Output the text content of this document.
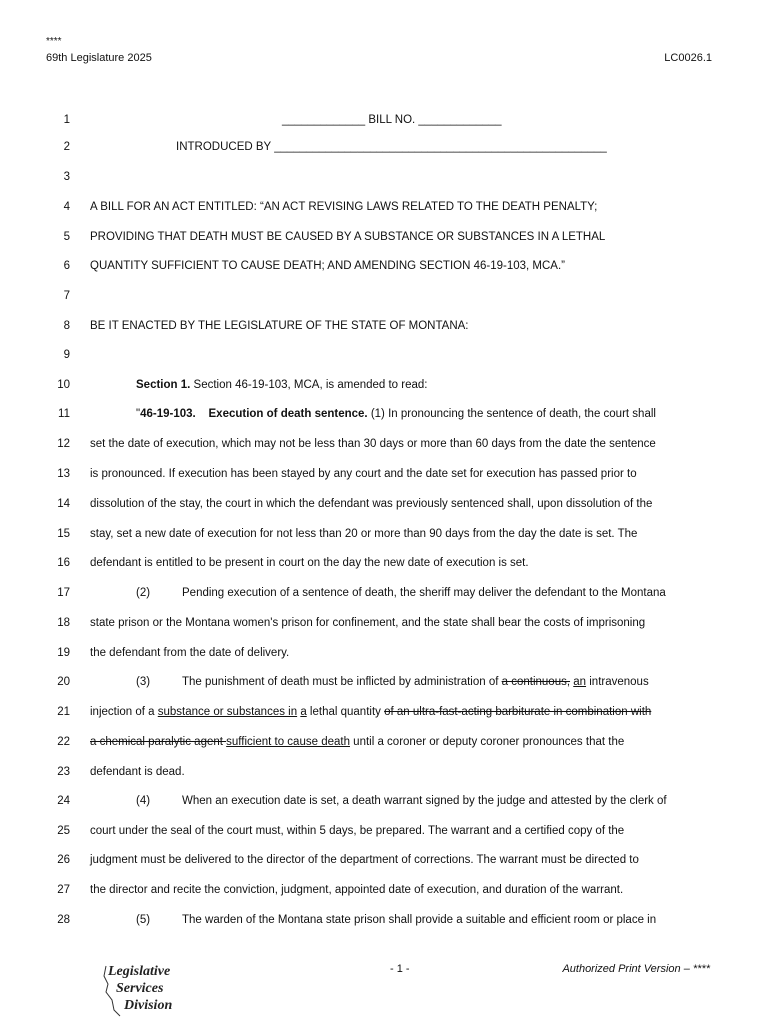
****
69th Legislature 2025	LC0026.1
1
2
3
4
5
6
7
8
9
10
11
12
13
14
15
16
17
18
19
20
21
22
23
24
25
26
27
28
_____________ BILL NO. _____________
INTRODUCED BY ____________________________________________________
A BILL FOR AN ACT ENTITLED: “AN ACT REVISING LAWS RELATED TO THE DEATH PENALTY;
PROVIDING THAT DEATH MUST BE CAUSED BY A SUBSTANCE OR SUBSTANCES IN A LETHAL
QUANTITY SUFFICIENT TO CAUSE DEATH; AND AMENDING SECTION 46-19-103, MCA.”
BE IT ENACTED BY THE LEGISLATURE OF THE STATE OF MONTANA:
Section 1. Section 46-19-103, MCA, is amended to read:
"46-19-103.    Execution of death sentence. (1) In pronouncing the sentence of death, the court shall
set the date of execution, which may not be less than 30 days or more than 60 days from the date the sentence
is pronounced. If execution has been stayed by any court and the date set for execution has passed prior to
dissolution of the stay, the court in which the defendant was previously sentenced shall, upon dissolution of the
stay, set a new date of execution for not less than 20 or more than 90 days from the day the date is set. The
defendant is entitled to be present in court on the day the new date of execution is set.
(2)	Pending execution of a sentence of death, the sheriff may deliver the defendant to the Montana
state prison or the Montana women's prison for confinement, and the state shall bear the costs of imprisoning
the defendant from the date of delivery.
(3)	The punishment of death must be inflicted by administration of a continuous, an intravenous
injection of a substance or substances in a lethal quantity of an ultra-fast-acting barbiturate in combination with
a chemical paralytic agent sufficient to cause death until a coroner or deputy coroner pronounces that the
defendant is dead.
(4)	When an execution date is set, a death warrant signed by the judge and attested by the clerk of
court under the seal of the court must, within 5 days, be prepared. The warrant and a certified copy of the
judgment must be delivered to the director of the department of corrections. The warrant must be directed to
the director and recite the conviction, judgment, appointed date of execution, and duration of the warrant.
(5)	The warden of the Montana state prison shall provide a suitable and efficient room or place in
Legislative
Services
Division
- 1 -	Authorized Print Version – ****
